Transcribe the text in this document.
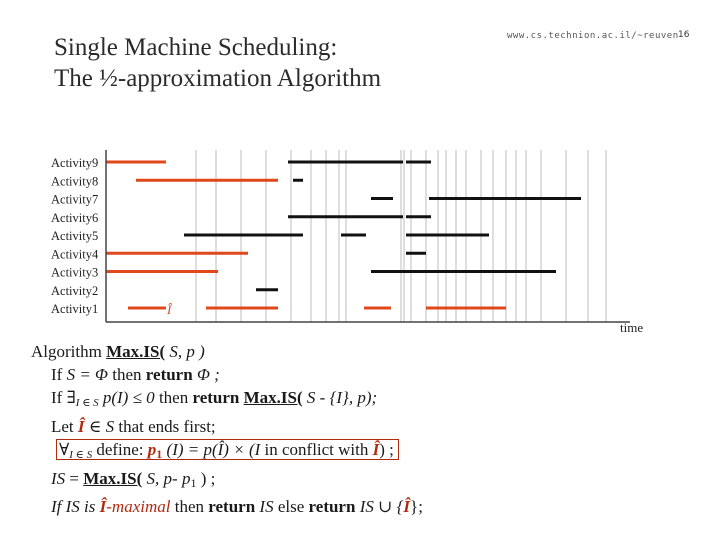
Single Machine Scheduling:
The ½-approximation Algorithm
www.cs.technion.ac.il/~reuven 16
Activity9
Activity8
Activity7
Activity6
Activity5
Activity4
Activity3
Activity2
Activity1
time
Î
Algorithm Max.IS( S, p )
If S = Φ then return Φ ;
If $\exists_{I \in S}$ p(I) ≤ 0 then return Max.IS( S - {I}, p);
Let Î ∈ S that ends first;
$\forall_{I \in S}$ define: p1 (I) = p(Î) × (I in conflict with Î) ;
IS = Max.IS( S, p- p1 ) ;
If IS is Î-maximal then return IS else return IS ∪ {Î};
